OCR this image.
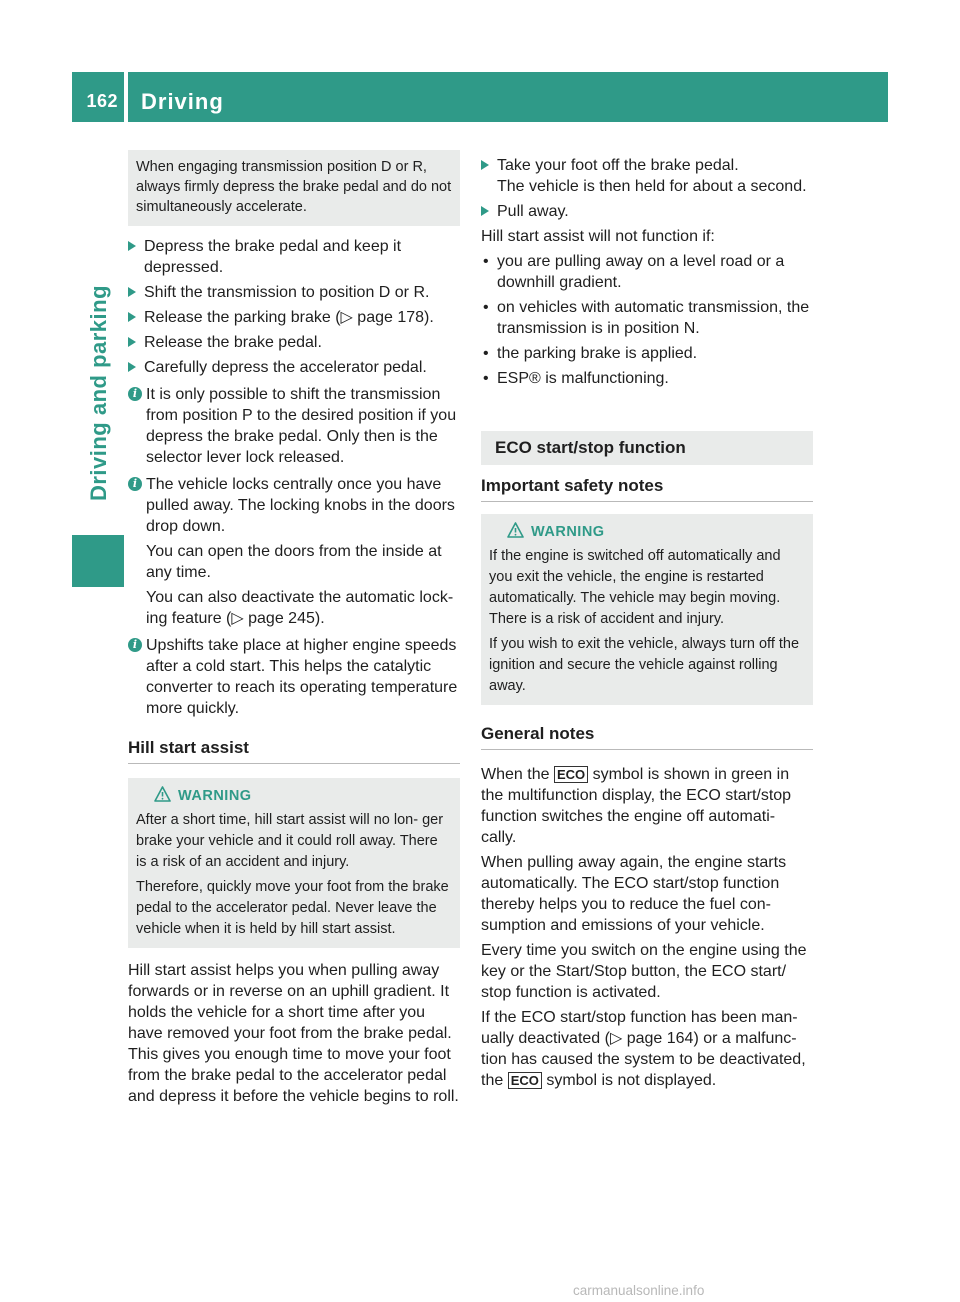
162 Driving
Driving and parking
When engaging transmission position D or R, always firmly depress the brake pedal and do not simultaneously accelerate.

Depress the brake pedal and keep it depressed.

Shift the transmission to position D or R.

Release the parking brake (▷ page 178).

Release the brake pedal.

Carefully depress the accelerator pedal.

i It is only possible to shift the transmission from position P to the desired position if you depress the brake pedal. Only then is the selector lever lock released.

i The vehicle locks centrally once you have pulled away. The locking knobs in the doors drop down.

You can open the doors from the inside at any time.

You can also deactivate the automatic lock- ing feature (▷ page 245).

i Upshifts take place at higher engine speeds after a cold start. This helps the catalytic converter to reach its operating temperature more quickly.

Hill start assist
WARNING

After a short time, hill start assist will no lon- ger brake your vehicle and it could roll away. There is a risk of an accident and injury.

Therefore, quickly move your foot from the brake pedal to the accelerator pedal. Never leave the vehicle when it is held by hill start assist.

Hill start assist helps you when pulling away forwards or in reverse on an uphill gradient. It holds the vehicle for a short time after you have removed your foot from the brake pedal. This gives you enough time to move your foot from the brake pedal to the accelerator pedal and depress it before the vehicle begins to roll.

Take your foot off the brake pedal.

The vehicle is then held for about a second.

Pull away.

Hill start assist will not function if:

• you are pulling away on a level road or a downhill gradient.

• on vehicles with automatic transmission, the transmission is in position N.

• the parking brake is applied.

• ESP® is malfunctioning.

ECO start/stop function
Important safety notes
WARNING

If the engine is switched off automatically and you exit the vehicle, the engine is restarted automatically. The vehicle may begin moving. There is a risk of accident and injury.

If you wish to exit the vehicle, always turn off the ignition and secure the vehicle against rolling away.

General notes

When the ECO symbol is shown in green in the multifunction display, the ECO start/stop function switches the engine off automati- cally.

When pulling away again, the engine starts automatically. The ECO start/stop function thereby helps you to reduce the fuel con- sumption and emissions of your vehicle.

Every time you switch on the engine using the key or the Start/Stop button, the ECO start/ stop function is activated.

If the ECO start/stop function has been man- ually deactivated (▷ page 164) or a malfunc- tion has caused the system to be deactivated, the ECO symbol is not displayed.

carmanualsonline.info
